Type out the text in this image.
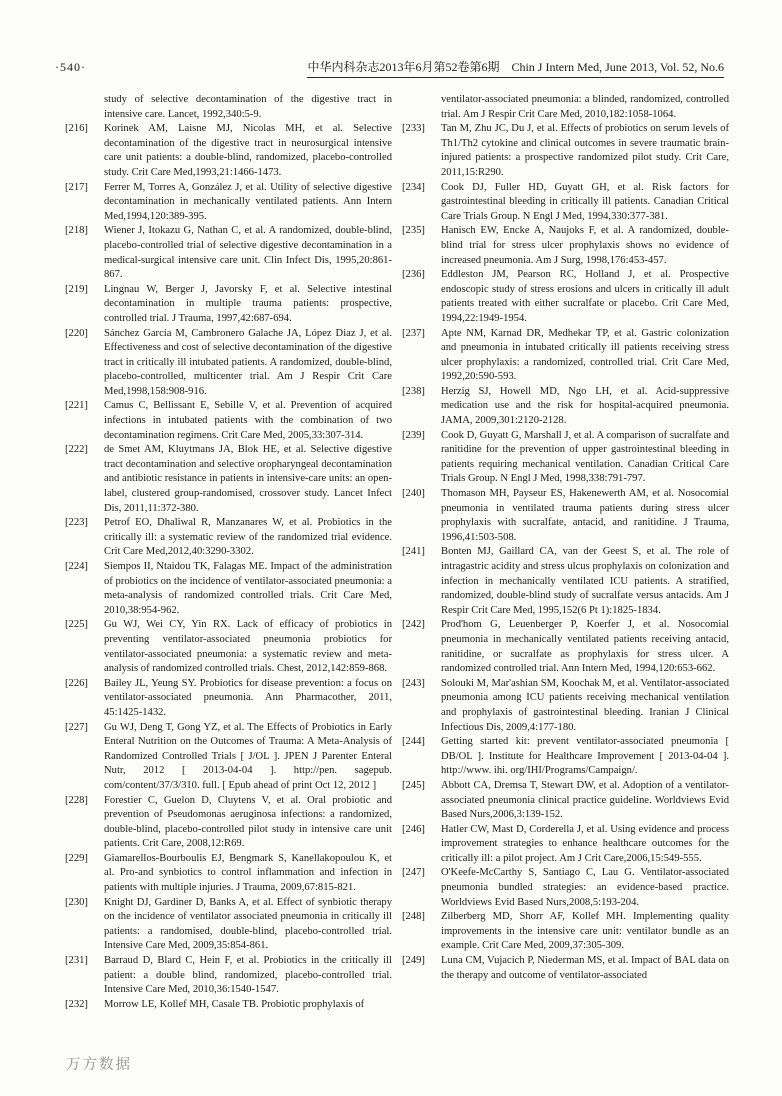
·540·	中华内科杂志2013年6月第52卷第6期　Chin J Intern Med, June 2013, Vol. 52, No.6
study of selective decontamination of the digestive tract in intensive care. Lancet, 1992,340:5-9.
[216] Korinek AM, Laisne MJ, Nicolas MH, et al. Selective decontamination of the digestive tract in neurosurgical intensive care unit patients: a double-blind, randomized, placebo-controlled study. Crit Care Med,1993,21:1466-1473.
[217] Ferrer M, Torres A, González J, et al. Utility of selective digestive decontamination in mechanically ventilated patients. Ann Intern Med,1994,120:389-395.
[218] Wiener J, Itokazu G, Nathan C, et al. A randomized, double-blind, placebo-controlled trial of selective digestive decontamination in a medical-surgical intensive care unit. Clin Infect Dis, 1995,20:861-867.
[219] Lingnau W, Berger J, Javorsky F, et al. Selective intestinal decontamination in multiple trauma patients: prospective, controlled trial. J Trauma, 1997,42:687-694.
[220] Sánchez García M, Cambronero Galache JA, López Diaz J, et al. Effectiveness and cost of selective decontamination of the digestive tract in critically ill intubated patients. A randomized, double-blind, placebo-controlled, multicenter trial. Am J Respir Crit Care Med,1998,158:908-916.
[221] Camus C, Bellissant E, Sebille V, et al. Prevention of acquired infections in intubated patients with the combination of two decontamination regimens. Crit Care Med, 2005,33:307-314.
[222] de Smet AM, Kluytmans JA, Blok HE, et al. Selective digestive tract decontamination and selective oropharyngeal decontamination and antibiotic resistance in patients in intensive-care units: an open-label, clustered group-randomised, crossover study. Lancet Infect Dis, 2011,11:372-380.
[223] Petrof EO, Dhaliwal R, Manzanares W, et al. Probiotics in the critically ill: a systematic review of the randomized trial evidence. Crit Care Med,2012,40:3290-3302.
[224] Siempos II, Ntaidou TK, Falagas ME. Impact of the administration of probiotics on the incidence of ventilator-associated pneumonia: a meta-analysis of randomized controlled trials. Crit Care Med, 2010,38:954-962.
[225] Gu WJ, Wei CY, Yin RX. Lack of efficacy of probiotics in preventing ventilator-associated pneumonia probiotics for ventilator-associated pneumonia: a systematic review and meta-analysis of randomized controlled trials. Chest, 2012,142:859-868.
[226] Bailey JL, Yeung SY. Probiotics for disease prevention: a focus on ventilator-associated pneumonia. Ann Pharmacother, 2011, 45:1425-1432.
[227] Gu WJ, Deng T, Gong YZ, et al. The Effects of Probiotics in Early Enteral Nutrition on the Outcomes of Trauma: A Meta-Analysis of Randomized Controlled Trials [ J/OL ]. JPEN J Parenter Enteral Nutr, 2012 [ 2013-04-04 ]. http://pen. sagepub. com/content/37/3/310. full. [ Epub ahead of print Oct 12, 2012 ]
[228] Forestier C, Guelon D, Cluytens V, et al. Oral probiotic and prevention of Pseudomonas aeruginosa infections: a randomized, double-blind, placebo-controlled pilot study in intensive care unit patients. Crit Care, 2008,12:R69.
[229] Giamarellos-Bourboulis EJ, Bengmark S, Kanellakopoulou K, et al. Pro-and synbiotics to control inflammation and infection in patients with multiple injuries. J Trauma, 2009,67:815-821.
[230] Knight DJ, Gardiner D, Banks A, et al. Effect of synbiotic therapy on the incidence of ventilator associated pneumonia in critically ill patients: a randomised, double-blind, placebo-controlled trial. Intensive Care Med, 2009,35:854-861.
[231] Barraud D, Blard C, Hein F, et al. Probiotics in the critically ill patient: a double blind, randomized, placebo-controlled trial. Intensive Care Med, 2010,36:1540-1547.
[232] Morrow LE, Kollef MH, Casale TB. Probiotic prophylaxis of
ventilator-associated pneumonia: a blinded, randomized, controlled trial. Am J Respir Crit Care Med, 2010,182:1058-1064.
[233] Tan M, Zhu JC, Du J, et al. Effects of probiotics on serum levels of Th1/Th2 cytokine and clinical outcomes in severe traumatic brain-injured patients: a prospective randomized pilot study. Crit Care, 2011,15:R290.
[234] Cook DJ, Fuller HD, Guyatt GH, et al. Risk factors for gastrointestinal bleeding in critically ill patients. Canadian Critical Care Trials Group. N Engl J Med, 1994,330:377-381.
[235] Hanisch EW, Encke A, Naujoks F, et al. A randomized, double-blind trial for stress ulcer prophylaxis shows no evidence of increased pneumonia. Am J Surg, 1998,176:453-457.
[236] Eddleston JM, Pearson RC, Holland J, et al. Prospective endoscopic study of stress erosions and ulcers in critically ill adult patients treated with either sucralfate or placebo. Crit Care Med, 1994,22:1949-1954.
[237] Apte NM, Karnad DR, Medhekar TP, et al. Gastric colonization and pneumonia in intubated critically ill patients receiving stress ulcer prophylaxis: a randomized, controlled trial. Crit Care Med, 1992,20:590-593.
[238] Herzig SJ, Howell MD, Ngo LH, et al. Acid-suppressive medication use and the risk for hospital-acquired pneumonia. JAMA, 2009,301:2120-2128.
[239] Cook D, Guyatt G, Marshall J, et al. A comparison of sucralfate and ranitidine for the prevention of upper gastrointestinal bleeding in patients requiring mechanical ventilation. Canadian Critical Care Trials Group. N Engl J Med, 1998,338:791-797.
[240] Thomason MH, Payseur ES, Hakenewerth AM, et al. Nosocomial pneumonia in ventilated trauma patients during stress ulcer prophylaxis with sucralfate, antacid, and ranitidine. J Trauma, 1996,41:503-508.
[241] Bonten MJ, Gaillard CA, van der Geest S, et al. The role of intragastric acidity and stress ulcus prophylaxis on colonization and infection in mechanically ventilated ICU patients. A stratified, randomized, double-blind study of sucralfate versus antacids. Am J Respir Crit Care Med, 1995,152(6 Pt 1):1825-1834.
[242] Prod'hom G, Leuenberger P, Koerfer J, et al. Nosocomial pneumonia in mechanically ventilated patients receiving antacid, ranitidine, or sucralfate as prophylaxis for stress ulcer. A randomized controlled trial. Ann Intern Med, 1994,120:653-662.
[243] Solouki M, Mar'ashian SM, Koochak M, et al. Ventilator-associated pneumonia among ICU patients receiving mechanical ventilation and prophylaxis of gastrointestinal bleeding. Iranian J Clinical Infectious Dis, 2009,4:177-180.
[244] Getting started kit: prevent ventilator-associated pneumonia [ DB/OL ]. Institute for Healthcare Improvement [ 2013-04-04 ]. http://www. ihi. org/IHI/Programs/Campaign/.
[245] Abbott CA, Dremsa T, Stewart DW, et al. Adoption of a ventilator-associated pneumonia clinical practice guideline. Worldviews Evid Based Nurs,2006,3:139-152.
[246] Hatler CW, Mast D, Corderella J, et al. Using evidence and process improvement strategies to enhance healthcare outcomes for the critically ill: a pilot project. Am J Crit Care,2006,15:549-555.
[247] O'Keefe-McCarthy S, Santiago C, Lau G. Ventilator-associated pneumonia bundled strategies: an evidence-based practice. Worldviews Evid Based Nurs,2008,5:193-204.
[248] Zilberberg MD, Shorr AF, Kollef MH. Implementing quality improvements in the intensive care unit: ventilator bundle as an example. Crit Care Med, 2009,37:305-309.
[249] Luna CM, Vujacich P, Niederman MS, et al. Impact of BAL data on the therapy and outcome of ventilator-associated
万方数据
